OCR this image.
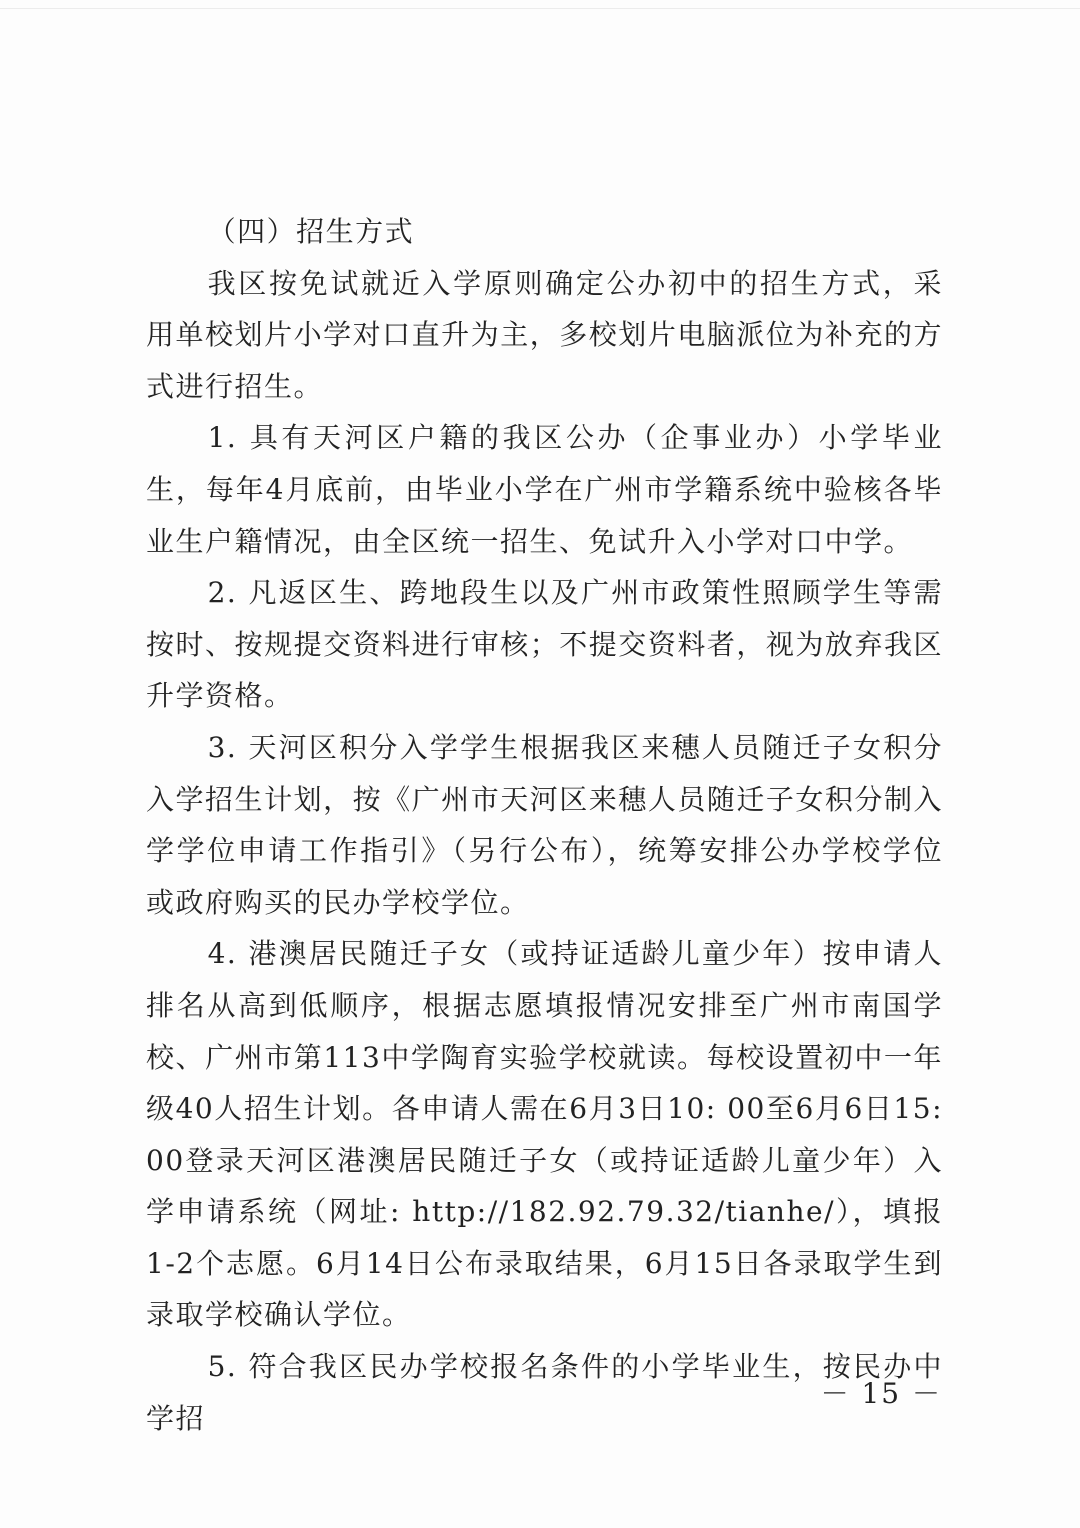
（四）招生方式

我区按免试就近入学原则确定公办初中的招生方式，采用单校划片小学对口直升为主，多校划片电脑派位为补充的方式进行招生。

1. 具有天河区户籍的我区公办（企事业办）小学毕业生，每年4月底前，由毕业小学在广州市学籍系统中验核各毕业生户籍情况，由全区统一招生、免试升入小学对口中学。

2. 凡返区生、跨地段生以及广州市政策性照顾学生等需按时、按规提交资料进行审核；不提交资料者，视为放弃我区升学资格。

3. 天河区积分入学学生根据我区来穗人员随迁子女积分入学招生计划，按《广州市天河区来穗人员随迁子女积分制入学学位申请工作指引》（另行公布），统筹安排公办学校学位或政府购买的民办学校学位。

4. 港澳居民随迁子女（或持证适龄儿童少年）按申请人排名从高到低顺序，根据志愿填报情况安排至广州市南国学校、广州市第113中学陶育实验学校就读。每校设置初中一年级40人招生计划。各申请人需在6月3日10: 00至6月6日15: 00登录天河区港澳居民随迁子女（或持证适龄儿童少年）入学申请系统（网址: http://182.92.79.32/tianhe/），填报1-2个志愿。6月14日公布录取结果，6月15日各录取学生到录取学校确认学位。

5. 符合我区民办学校报名条件的小学毕业生，按民办中学招

－ 15 －
